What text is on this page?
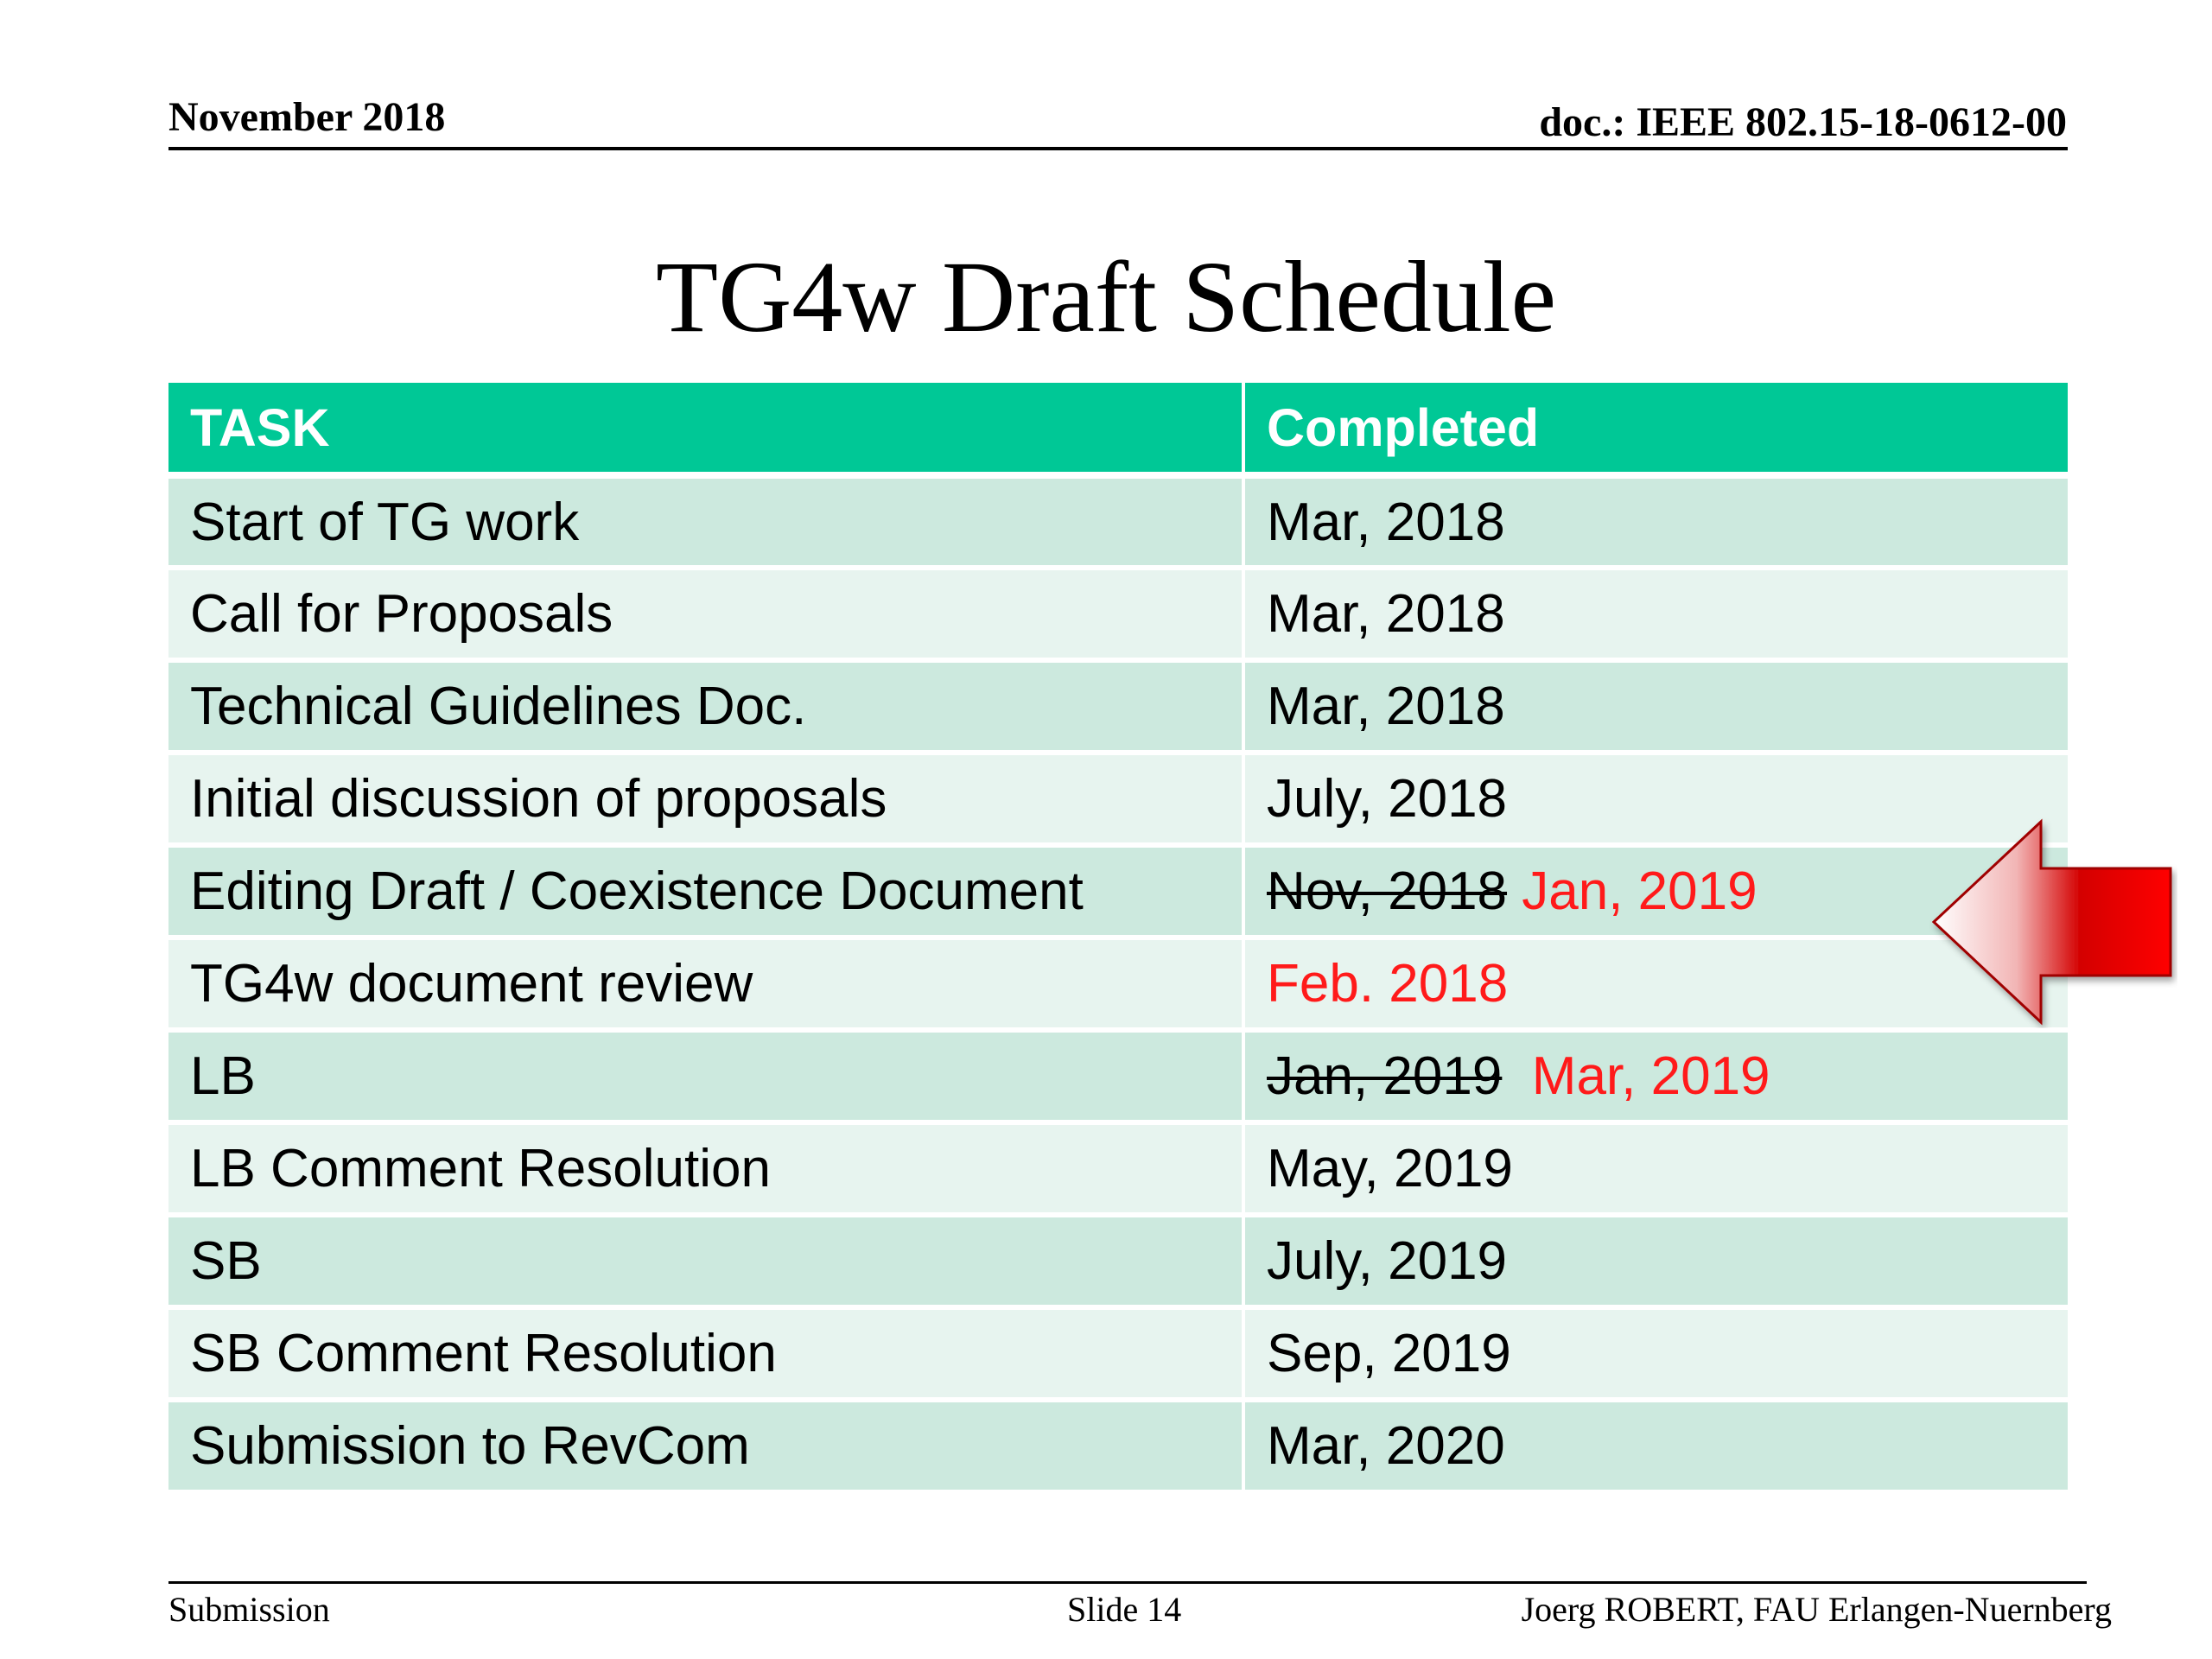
November 2018	doc.: IEEE 802.15-18-0612-00
TG4w Draft Schedule
TASK	Completed
Start of TG work	Mar, 2018
Call for Proposals	Mar, 2018
Technical Guidelines Doc.	Mar, 2018
Initial discussion of proposals	July, 2018
Editing Draft / Coexistence Document	Nov, 2018 Jan, 2019
TG4w document review	Feb. 2018
LB	Jan, 2019 Mar, 2019
LB Comment Resolution	May, 2019
SB	July, 2019
SB Comment Resolution	Sep, 2019
Submission to RevCom	Mar, 2020
Submission	Slide 14	Joerg ROBERT, FAU Erlangen-Nuernberg
